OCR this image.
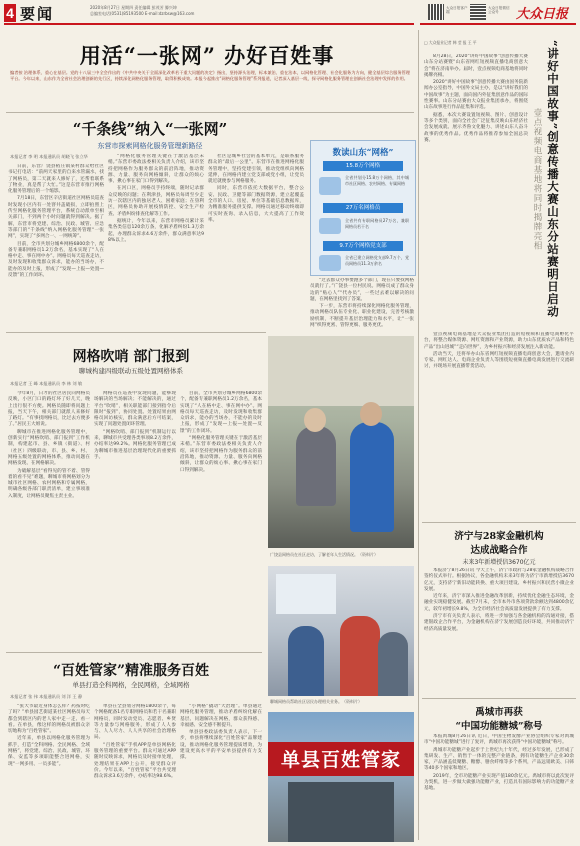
4 要闻	2020年8月27日 星期四 责任编辑 彭茂芳 滕兴坤
总编室电话(0531)85193500 E-mail:dzrbsw@163.com
大众日报客户端
大众日报微信公众号	大众日报
用活“一张网” 办好百姓事
编者按 治理体系、重心在基层。党的十八届三中全会作出的《中共中央关于全面深化改革若干重大问题的决定》指出，坚持源头治理，标本兼治、重在治本，以网格化管理、社会化服务为方向，健全基层综合服务管理平台。今年以来，山东作为全省社会治理创新的先行区，持续深化网格化服务管理，取得积极成效。本报今起推出“网格化服务管理”系列报道，记者深入基层一线，探寻网格化服务管理在创新社会治理中发挥的作用。
“千条线”纳入“一张网”
东营市探索网格化服务管理新路径
本报记者 李 明 本报通讯员 胡晓飞 张立华

日前，东营广饶县稻庄镇某村群众给社区书记打电话：“前两天家里的自来水管漏水，找了网格员，第二天就来人修好了，还帮着联系了物业，真是帮了大忙。”这是东营市推行网格化服务管理后的一个缩影。

7月18日，东营区辛店街道社区网格员巡查时发现小区内有一处窨井盖破损，立即拍照上传至网格化服务管理平台，系统自动派单至相关部门，不到两个小时问题就得到解决。据了解，东营市将党建、综治、民政、城管、应急等部门的“千条线”纳入网格化服务管理“一张网”，实现了“多网合一、一网统筹”。

目前，全市共划分城乡网格6800余个，配备专兼职网格员1.2万余名，基本实现了“人在格中走、事在网中办”。网格员每天巡查走访，及时发现和收集群众诉求，能办的当场办，不能办的及时上报，形成了“发现—上报—处置—反馈”的工作闭环。

“网格化服务管理关键在于激活基层末梢。”东营市委政法委相关负责人介绍，该市坚持把网格作为服务群众的前沿阵地，推动资源、力量、服务向网格倾斜，让群众的烦心事、揪心事在家门口得到解决。

在河口区，网格员手持终端，随时记录群众反映的问题；在利津县，网格员每周至少走访一次辖区内的独居老人、困难家庭；在垦利区，网格员协助开展疫情防控、安全生产检查、矛盾纠纷排查化解等工作。

据统计，今年以来，东营市网格员累计采集各类信息120余万条，化解矛盾纠纷1.3万余起，办理群众诉求4.6万余件，群众满意率达98%以上。

社区是城乡社会的基本单元，是联系服务群众的“最后一公里”。东营市在推进网格化服务管理中，坚持党建引领，推动党组织向网格延伸，在网格内建立党支部或党小组，让党员就近就便参与网格服务。

同时，东营市依托大数据平台，整合公安、民政、卫健等部门数据资源，建立起覆盖全市的人口、房屋、单位等基础信息数据库，为精准服务提供支撑。网格员通过移动终端即可实时查询、录入信息，大大提高了工作效率。

数读山东“网格”
15.8万个网格
全省共划分15.8万个网格，其中城市社区网格、农村网格、专属网格
27万名网格员
全省共有专职网格员27万名，兼职网格员若干名
9.7万个网格党支部
全省已建立网格党支部9.7万个，党员网格员11.3万余名

“过去群众办事要跑多个部门，现在只要找网格员就行了。”广饶县一位村民说。网格员成了群众身边的“贴心人”“代办员”，一些过去难以解决的问题，在网格里找到了答案。

下一步，东营市将持续深化网格化服务管理，推动网格员队伍专业化、职业化建设，完善考核激励机制，不断提升基层治理能力和水平，让“一张网”织得更密、管得更细、服务更优。

网格吹哨 部门报到
聊城构建四级联动五级处置网格体系
本报记者 王 峰 本报通讯员 李 林 刘 敏

今年8月，日才的社区居民向网格员反映，小区门口的路灯坏了好几天，晚上出行很不方便。网格员随即将问题上报，当天下午，相关部门就派人来修好了路灯。“有事找网格员，比过去方便多了。”居民王大姐说。

聊城市在推进网格化服务管理中，创新实行“网格吹哨、部门报到”工作机制，构建起市、县、乡镇（街道）、村（社区）四级联动，市、县、乡、村、网格五级处置的网格体系，推动问题在网格发现、在网格解决。

为破解基层“看得见的管不着、管得着的看不见”难题，聊城市将网格划分为城市社区网格、农村网格和专属网格，明确各级各部门职责清单，建立事项准入制度，让网格员聚焦主责主业。

网格员在巡查中发现问题，能够现场解决的当场解决；不能解决的，通过平台“吹哨”，相关职能部门接到指令后限时“报到”，协同处置。处置结果由网格员回访核实，群众满意后方可结案，实现了问题处置闭环管理。

“网格吹哨、部门报到”机制运行以来，聊城市共受理各类事项8.2万余件，办结率达99.2%。网格化服务管理已成为聊城市推进基层治理现代化的重要抓手。

目前，全市共划分城乡网格6800余个，配备专兼职网格员1.2万余名，基本实现了“人在格中走、事在网中办”。网格员每天巡查走访，及时发现和收集群众诉求，能办的当场办，不能办的及时上报，形成了“发现—上报—处置—反馈”的工作闭环。

“网格化服务管理关键在于激活基层末梢。”东营市委政法委相关负责人介绍，该市坚持把网格作为服务群众的前沿阵地，推动资源、力量、服务向网格倾斜，让群众的烦心事、揪心事在家门口得到解决。

广饶县网格员在社区走访，了解老年人生活情况。（资料片）
聊城网格员帮助社区居民办理相关业务。（资料片）
“百姓管家”精准服务百姓
单县打造全科网格，全民网格，全域网格
本报记者 张 伟 本报通讯员 刘 洋 王 静

“张大爷最近身体怎么样？药按时吃了吗？”单县园艺街道某社区网格员每天都会到辖区内的老人家中走一走、看一看。在单县，像这样的网格员被群众亲切地称为“百姓管家”。

近年来，单县以网格化服务管理为抓手，打造“全科网格、全民网格、全域网格”，将党建、综治、民政、城管、环保、安监等多项职能整合进网格，实现“一网多用、一员多能”。

单县在全县划分网格1800余个，每个网格配备1名专职网格员和若干名兼职网格员，同时发动党员、志愿者、乡贤等力量参与网格服务，形成了人人参与、人人尽力、人人共享的社会治理格局。

“百姓管家”手机APP是单县网格化服务管理的重要平台。群众可通过APP随时反映诉求，网格员及时接单处理，处理结果在APP上公开，接受群众评价。今年以来，“百姓管家”平台共受理群众诉求3.6万余件，办结率达98.6%。

“小网格”撬动“大治理”。单县通过网格化服务管理，推动矛盾纠纷化解在基层、问题解决在网格，群众获得感、幸福感、安全感不断提升。

单县县委政法委负责人表示，下一步，单县将继续深化“百姓管家”品牌建设，推动网格化服务管理提质增效，为建设更高水平的平安单县提供有力支撑。	单县百姓管家
□ 大众报业记者 韩 莹 报 王 平	“讲好中国故事”创意传播大赛山东分站赛明日启动
壹点视频电商基地将同时揭牌亮相

8月28日，2020“讲好中国故事”创意传播大赛山东分站赛暨“山东省网红短视频直播电商创意大会”将在济南举办。届时，壹点视频电商基地将同时揭牌亮相。

2020“讲好中国故事”创意传播大赛由国务院新闻办公室指导，中国外文局主办，是以“讲好我们的中国故事”为主题，面向国内外征集创意作品的国际性赛事。山东分站赛由大众报业集团承办，将围绕山东故事进行作品征集和评选。

据悉，本次大赛设置短视频、图片、创意设计等多个类别，面向全社会广泛征集反映山东经济社会发展成就、展示齐鲁文化魅力、讲述山东人奋斗故事的优秀作品。优秀作品将推荐参加全国总决赛。

壹点视频电商基地是大众报业集团打造的短视频和直播电商孵化平台，将整合媒体资源、网红资源和产业资源，助力山东优质农产品和特色产品“出山进城”“走向世界”，为乡村振兴和经济发展注入新动能。

活动当天，还将举办山东省网红短视频直播电商创意大会，邀请业内专家、网红达人、电商企业负责人等围绕短视频直播电商发展进行交流研讨，并现场开展直播带货活动。

济宁与28家金融机构
达成战略合作
未来3年新增授信3670亿元

本报济宁8月26日讯 今天上午，济宁市政府与28家金融机构战略合作签约仪式举行。根据协议，各金融机构未来3年将为济宁市新增授信3670亿元，支持济宁新旧动能转换、重大项目建设、乡村振兴和民营小微企业发展。

近年来，济宁市深入推进金融改革创新，持续优化金融生态环境，金融业实现稳健发展。截至7月末，全市本外币各项贷款余额达到4800余亿元，较年初增长9.8%，为全市经济社会高质量发展提供了有力支撑。

济宁市有关负责人表示，将进一步加强与各金融机构的沟通对接，搭建银政企合作平台，为金融机构在济宁发展创造良好环境，共同推动济宁经济高质量发展。

禹城市再获
“中国功能糖城”称号

本报禹城8月26日讯 近日，中国生物发酵产业协会组织专家对禹城市“中国功能糖城”进行了复评，禹城市再次获得“中国功能糖城”称号。

禹城市功能糖产业起步于上世纪九十年代，经过多年发展，已形成了集研发、生产、销售于一体的完整产业链条，拥有功能糖生产企业30余家，产品涵盖低聚糖、糖醇、膳食纤维等多个系列，产品远销欧美、日韩等40多个国家和地区。

2019年，全市功能糖产业实现产值180余亿元。禹城市将以此次复评为契机，进一步做大做强功能糖产业，打造具有国际影响力的功能糖产业基地。
